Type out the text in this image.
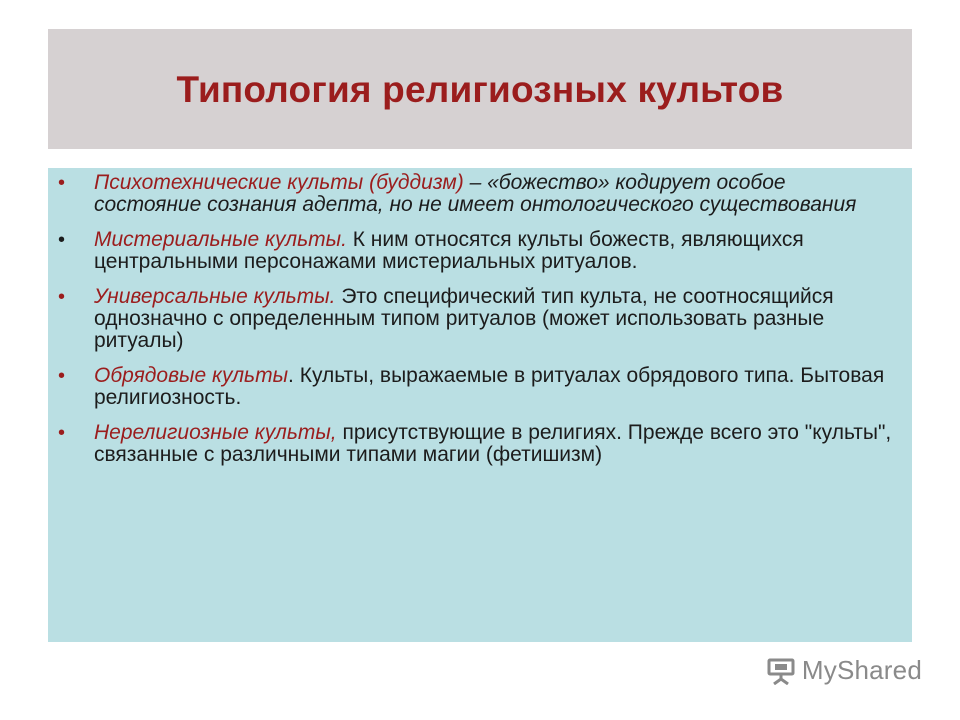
Типология религиозных культов
• Психотехнические культы (буддизм) – «божество» кодирует особое состояние сознания адепта, но не имеет онтологического существования
• Мистериальные культы. К ним относятся культы божеств, являющихся центральными персонажами мистериальных ритуалов.
• Универсальные культы. Это специфический тип культа, не соотносящийся однозначно с определенным типом ритуалов (может использовать разные ритуалы)
• Обрядовые культы. Культы, выражаемые в ритуалах обрядового типа. Бытовая религиозность.
• Нерелигиозные культы, присутствующие в религиях. Прежде всего это "культы", связанные с различными типами магии (фетишизм)
MyShared
